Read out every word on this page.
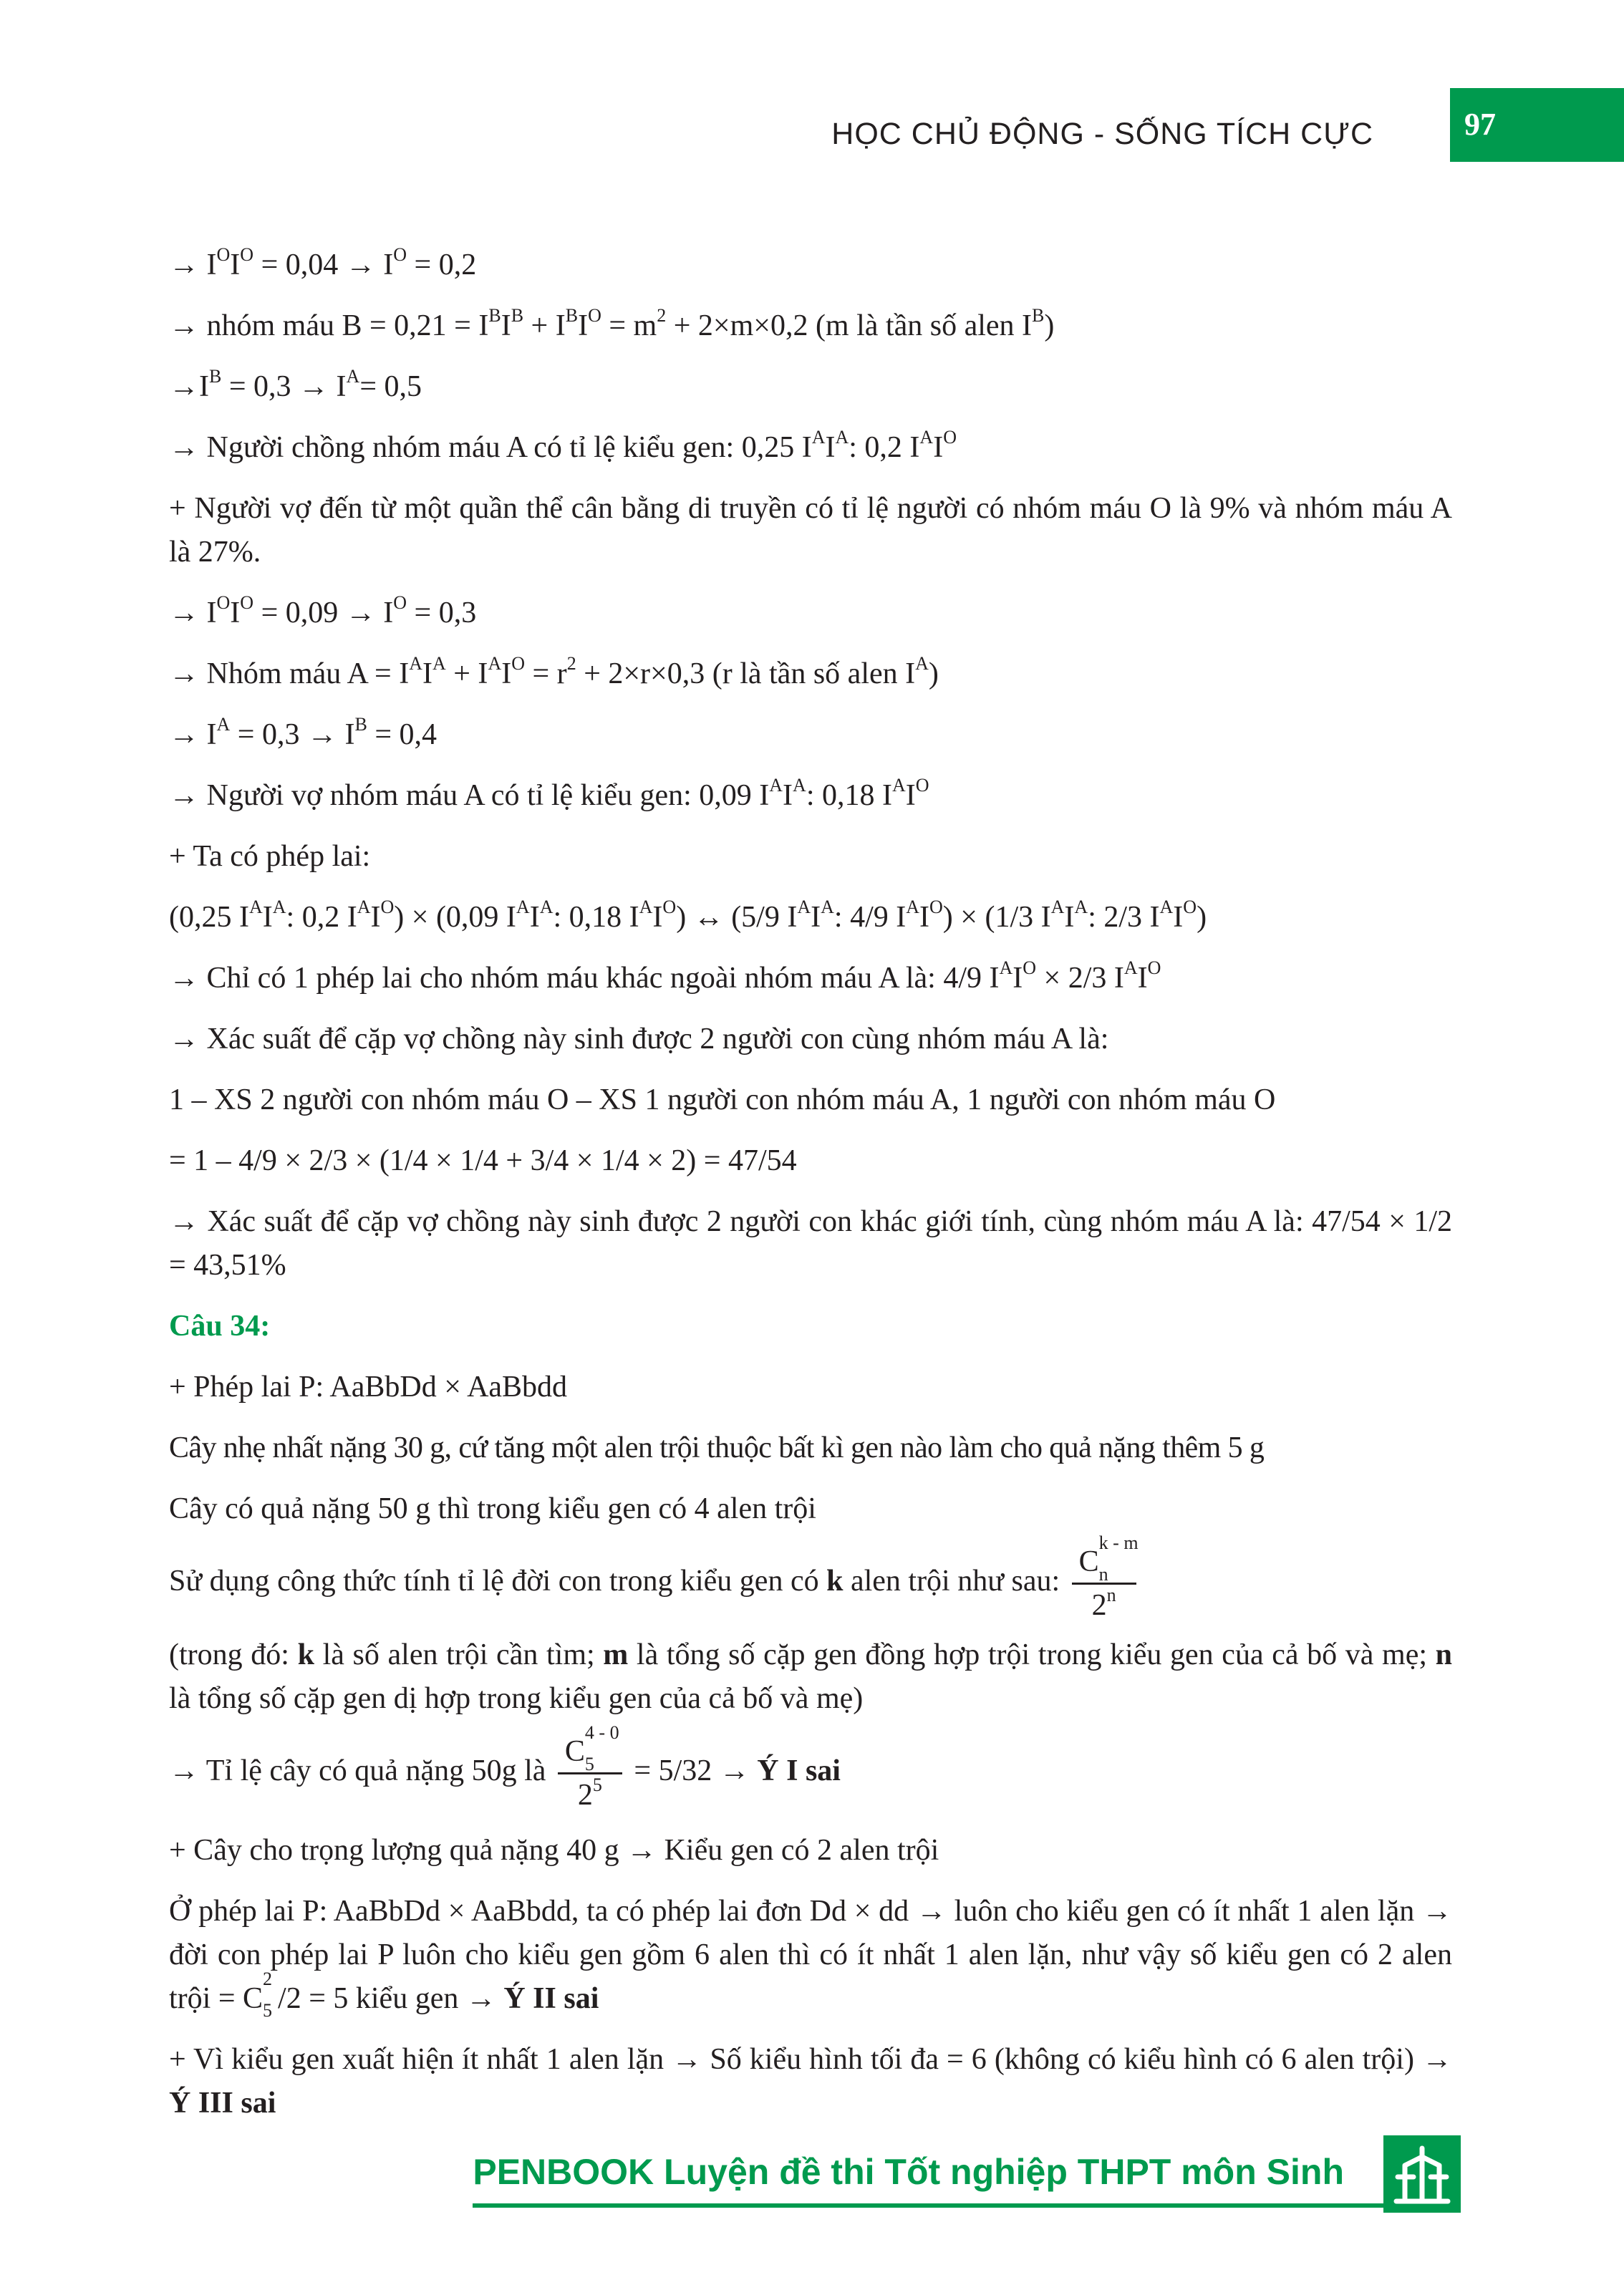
HỌC CHỦ ĐỘNG - SỐNG TÍCH CỰC	97
→ $I^OI^O = 0,04 \to I^O = 0,2$
→ nhóm máu $B = 0,21 = I^BI^B + I^BI^O = m^2 + 2\times m\times 0,2$ (m là tần số alen $I^B$)
$\to I^B = 0,3 \to I^A= 0,5$
→ Người chồng nhóm máu A có tỉ lệ kiểu gen: 0,25 $I^AI^A$: 0,2 $I^AI^O$
+ Người vợ đến từ một quần thể cân bằng di truyền có tỉ lệ người có nhóm máu O là 9% và nhóm máu A là 27%.
→ $I^OI^O = 0,09 \to I^O = 0,3$
→ Nhóm máu $A = I^AI^A + I^AI^O = r^2 + 2\times r\times 0,3$ (r là tần số alen $I^A$)
→ $I^A = 0,3 \to I^B = 0,4$
→ Người vợ nhóm máu A có tỉ lệ kiểu gen: 0,09 $I^AI^A$: 0,18 $I^AI^O$
+ Ta có phép lai:
(0,25 $I^AI^A$: 0,2 $I^AI^O) \times (0,09$ $I^AI^A$: 0,18 $I^AI^O$) ↔ (5/9 $I^AI^A$: 4/9 $I^AI^O) \times (1/3$ $I^AI^A$: 2/3 $I^AI^O$)
→ Chỉ có 1 phép lai cho nhóm máu khác ngoài nhóm máu A là: 4/9 $I^AI^O \times 2/3$ $I^AI^O$
→ Xác suất để cặp vợ chồng này sinh được 2 người con cùng nhóm máu A là:
1 – XS 2 người con nhóm máu O – XS 1 người con nhóm máu A, 1 người con nhóm máu O
= 1 – 4/9 × 2/3 × (1/4 × 1/4 + 3/4 × 1/4 × 2) = 47/54
→ Xác suất để cặp vợ chồng này sinh được 2 người con khác giới tính, cùng nhóm máu A là: 47/54 × 1/2 = 43,51%
Câu 34:
+ Phép lai P: AaBbDd × AaBbdd
Cây nhẹ nhất nặng 30 g, cứ tăng một alen trội thuộc bất kì gen nào làm cho quả nặng thêm 5 g
Cây có quả nặng 50 g thì trong kiểu gen có 4 alen trội
Sử dụng công thức tính tỉ lệ đời con trong kiểu gen có k alen trội như sau: C
k - m
n

2$^n$
(trong đó: k là số alen trội cần tìm; m là tổng số cặp gen đồng hợp trội trong kiểu gen của cả bố và mẹ; n là tổng số cặp gen dị hợp trong kiểu gen của cả bố và mẹ)
→ Tỉ lệ cây có quả nặng 50g là C
4 - 0
5

$2^5 = 5/32$ → Ý I sai
+ Cây cho trọng lượng quả nặng 40 g → Kiểu gen có 2 alen trội
Ở phép lai P: AaBbDd × AaBbdd, ta có phép lai đơn Dd × dd → luôn cho kiểu gen có ít nhất 1 alen lặn → đời con phép lai P luôn cho kiểu gen gồm 6 alen thì có ít nhất 1 alen lặn, như vậy số kiểu gen có 2 alen trội = C
2
5 /2 = 5 kiểu gen → Ý II sai
+ Vì kiểu gen xuất hiện ít nhất 1 alen lặn → Số kiểu hình tối đa = 6 (không có kiểu hình có 6 alen trội) → Ý III sai
PENBOOK Luyện đề thi Tốt nghiệp THPT môn Sinh
